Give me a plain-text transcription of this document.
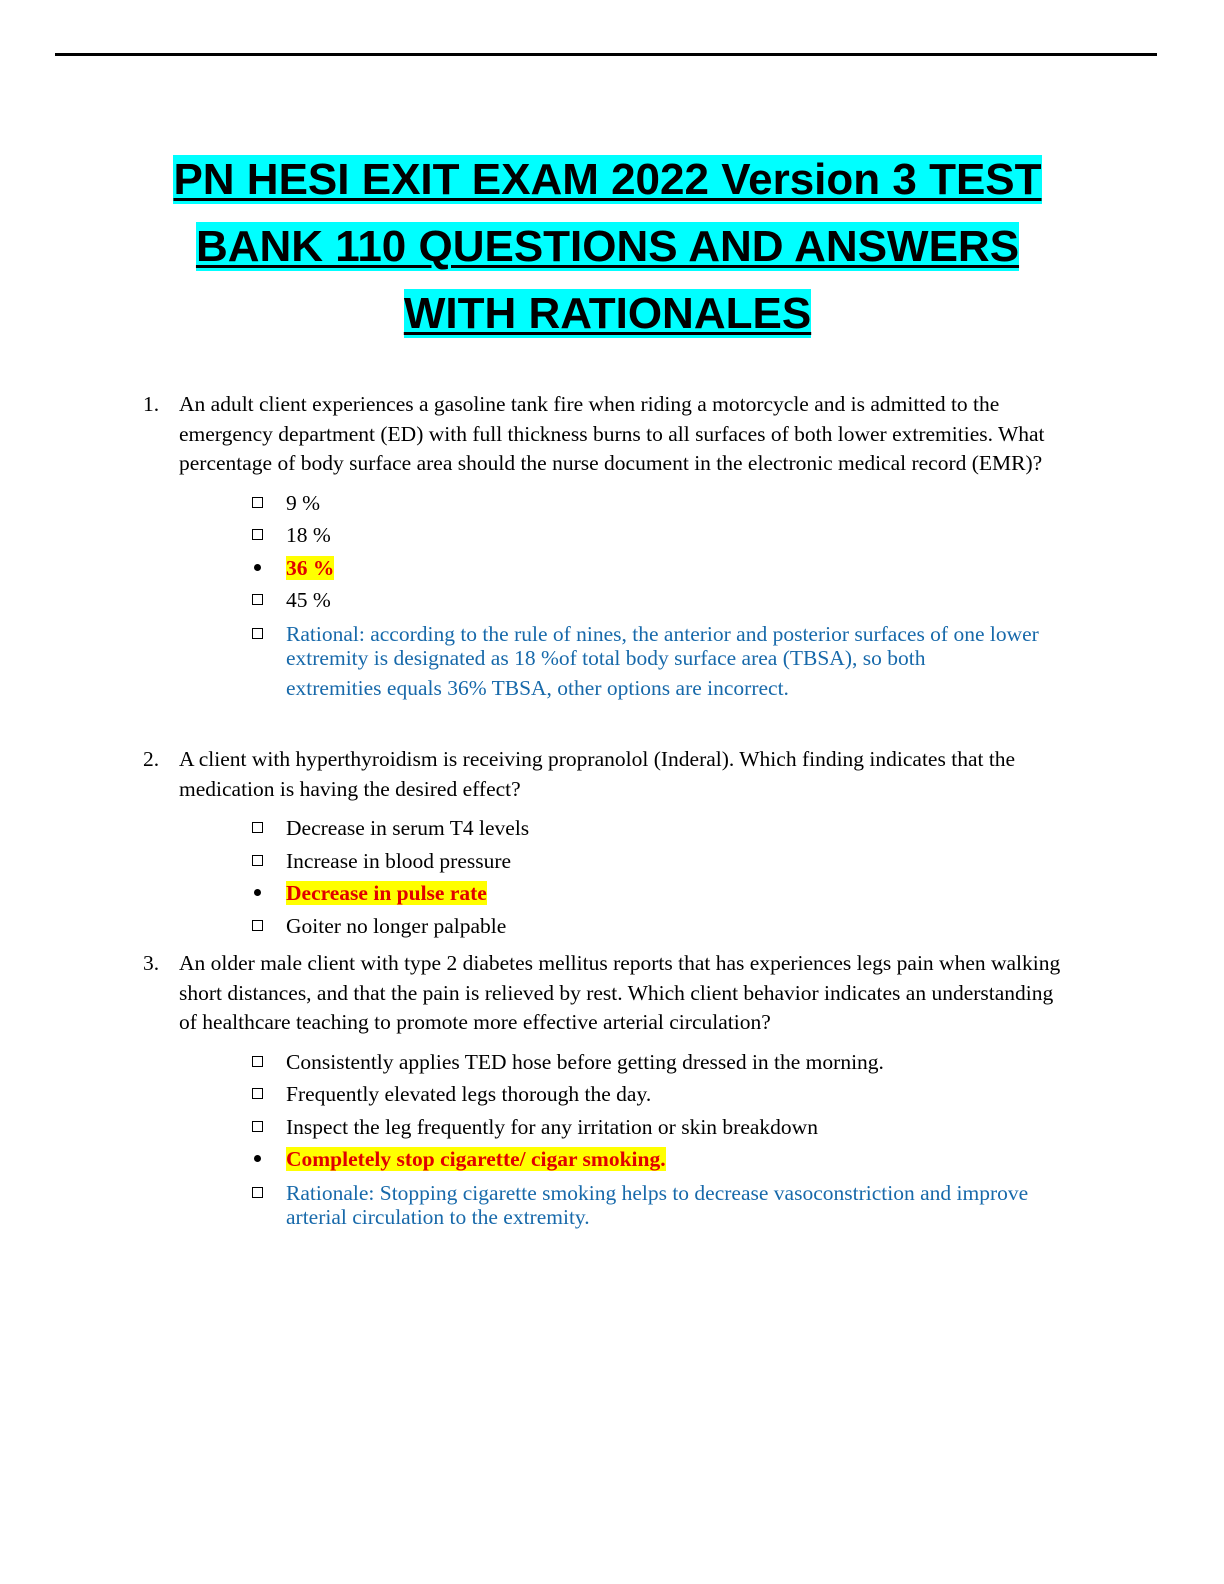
PN HESI EXIT EXAM 2022 Version 3 TEST
BANK 110 QUESTIONS AND ANSWERS
WITH RATIONALES
1. An adult client experiences a gasoline tank fire when riding a motorcycle and is admitted to the emergency department (ED) with full thickness burns to all surfaces of both lower extremities. What percentage of body surface area should the nurse document in the electronic medical record (EMR)?
9 %
18 %
36 %
45 %
Rational: according to the rule of nines, the anterior and posterior surfaces of one lower extremity is designated as 18 %of total body surface area (TBSA), so both
extremities equals 36% TBSA, other options are incorrect.
2. A client with hyperthyroidism is receiving propranolol (Inderal). Which finding indicates that the medication is having the desired effect?
Decrease in serum T4 levels
Increase in blood pressure
Decrease in pulse rate
Goiter no longer palpable
3. An older male client with type 2 diabetes mellitus reports that has experiences legs pain when walking short distances, and that the pain is relieved by rest. Which client behavior indicates an understanding of healthcare teaching to promote more effective arterial circulation?
Consistently applies TED hose before getting dressed in the morning.
Frequently elevated legs thorough the day.
Inspect the leg frequently for any irritation or skin breakdown
Completely stop cigarette/ cigar smoking.
Rationale: Stopping cigarette smoking helps to decrease vasoconstriction and improve arterial circulation to the extremity.
